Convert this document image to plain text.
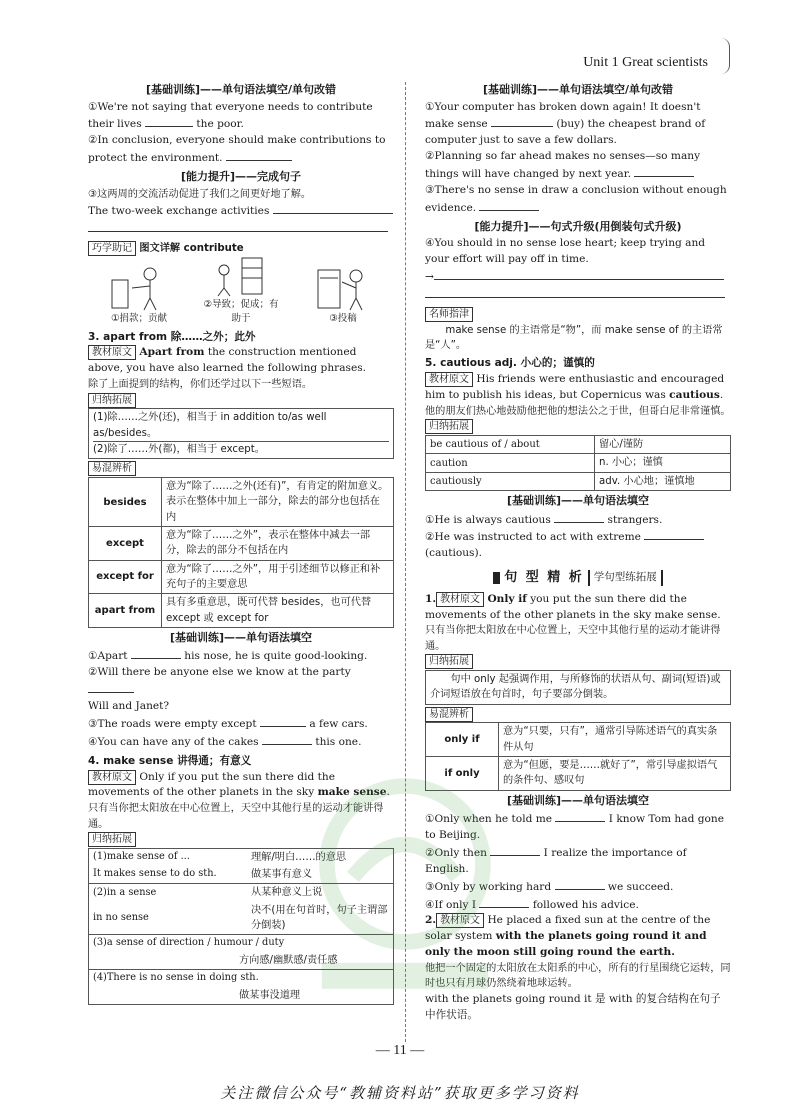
Unit 1 Great scientists
[基础训练]——单句语法填空/单句改错
①We're not saying that everyone needs to contribute their lives	the poor.
②In conclusion, everyone should make contributions to protect the environment.
[能力提升]——完成句子
③这两周的交流活动促进了我们之间更好地了解。
The two-week exchange activities
巧学助记 图文详解 contribute
①捐款；贡献
②导致；促成；有助于	③投稿
3. apart from 除……之外；此外
教材原文 Apart from the construction mentioned above, you have also learned the following phrases.
除了上面提到的结构，你们还学过以下一些短语。
归纳拓展
(1)除……之外(还)，相当于 in addition to/as well as/besides。
(2)除了……外(都)，相当于 except。
易混辨析
besides	意为“除了……之外(还有)”，有肯定的附加意义。表示在整体中加上一部分，除去的部分也包括在内
except	意为“除了……之外”，表示在整体中减去一部分，除去的部分不包括在内
except for	意为“除了……之外”，用于引述细节以修正和补充句子的主要意思
apart from	具有多重意思，既可代替 besides，也可代替 except 或 except for
[基础训练]——单句语法填空
①Apart	his nose, he is quite good-looking.
②Will there be anyone else we know at the party
Will and Janet?
③The roads were empty except	a few cars.
④You can have any of the cakes	this one.
4. make sense 讲得通；有意义
教材原文 Only if you put the sun there did the movements of the other planets in the sky make sense.
只有当你把太阳放在中心位置上，天空中其他行星的运动才能讲得通。
归纳拓展
(1)make sense of ...	理解/明白……的意思
It makes sense to do sth.	做某事有意义
(2)in a sense	从某种意义上说
in no sense	决不(用在句首时，句子主谓部分倒装)
(3)a sense of direction / humour / duty	
方向感/幽默感/责任感	
(4)There is no sense in doing sth.	
做某事没道理	
[基础训练]——单句语法填空/单句改错
①Your computer has broken down again! It doesn't make sense	(buy) the cheapest brand of computer just to save a few dollars.
②Planning so far ahead makes no senses—so many things will have changed by next year.
③There's no sense in draw a conclusion without enough evidence.
[能力提升]——句式升级(用倒装句式升级)
④You should in no sense lose heart; keep trying and your effort will pay off in time.
→
名师指津
make sense 的主语常是“物”，而 make sense of 的主语常是“人”。
5. cautious adj. 小心的；谨慎的
教材原文 His friends were enthusiastic and encouraged him to publish his ideas, but Copernicus was cautious.
他的朋友们热心地鼓励他把他的想法公之于世，但哥白尼非常谨慎。
归纳拓展
be cautious of / about	留心/谨防
caution	n. 小心；谨慎
cautiously	adv. 小心地；谨慎地
[基础训练]——单句语法填空
①He is always cautious	strangers.
②He was instructed to act with extreme
(cautious).
句 型 精 析 学句型练拓展
1. 教材原文 Only if you put the sun there did the movements of the other planets in the sky make sense.
只有当你把太阳放在中心位置上，天空中其他行星的运动才能讲得通。
归纳拓展
句中 only 起强调作用，与所修饰的状语从句、副词(短语)或介词短语放在句首时，句子要部分倒装。
易混辨析
only if	意为“只要，只有”，通常引导陈述语气的真实条件从句
if only	意为“但愿，要是……就好了”，常引导虚拟语气的条件句、感叹句
[基础训练]——单句语法填空
①Only when he told me	I know Tom had gone to Beijing.
②Only then	I realize the importance of English.
③Only by working hard	we succeed.
④If only I	followed his advice.
2. 教材原文 He placed a fixed sun at the centre of the solar system with the planets going round it and only the moon still going round the earth.
他把一个固定的太阳放在太阳系的中心，所有的行星围绕它运转，同时也只有月球仍然绕着地球运转。
with the planets going round it 是 with 的复合结构在句子中作状语。
— 11 —
关注微信公众号“教辅资料站”获取更多学习资料
